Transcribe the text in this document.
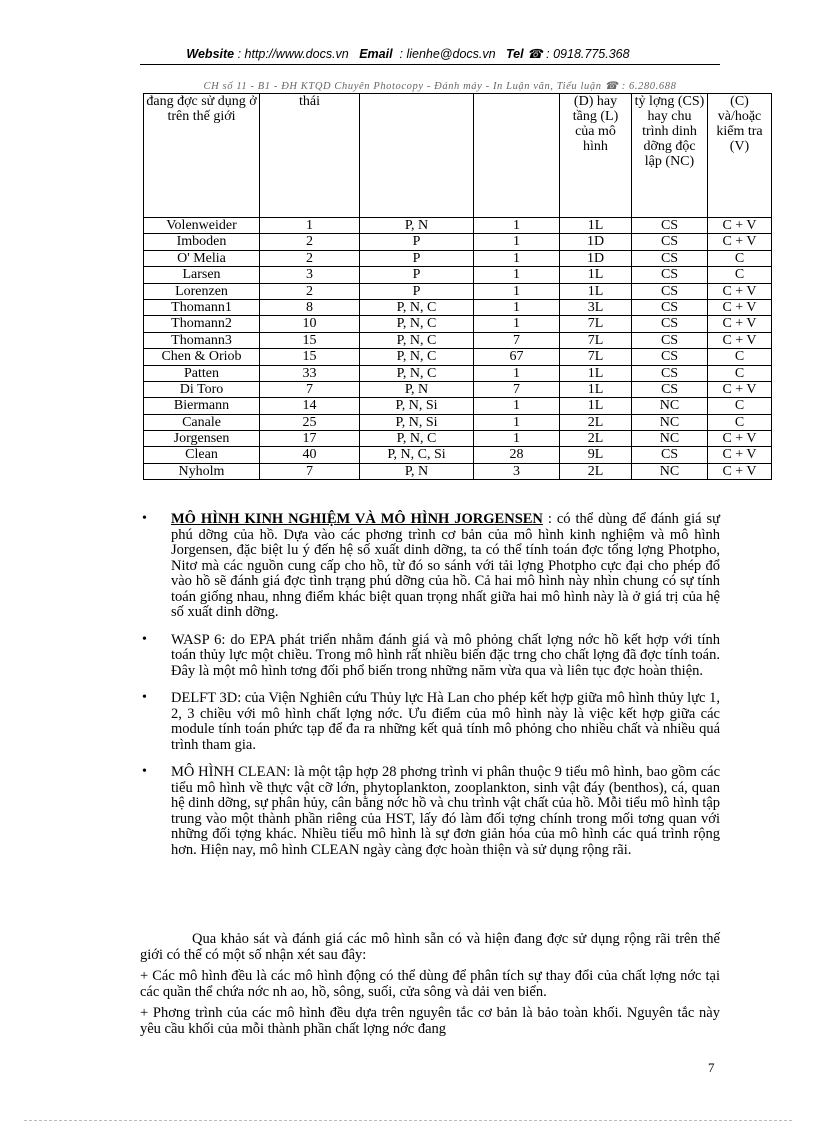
Website : http://www.docs.vn Email : lienhe@docs.vn Tel ☎ : 0918.775.368
CH số 11 - B1 - ĐH KTQD Chuyên Photocopy - Đánh máy - In Luận văn, Tiểu luận ☎ : 6.280.688
đang đợc sử dụng ở trên thế giới	thái			(D) hay tầng (L) của mô hình	tỷ lợng (CS) hay chu trình dinh dỡng độc lập (NC)	(C) và/hoặc kiểm tra (V)
Volenweider	1	P, N	1	1L	CS	C + V
Imboden	2	P	1	1D	CS	C + V
O' Melia	2	P	1	1D	CS	C
Larsen	3	P	1	1L	CS	C
Lorenzen	2	P	1	1L	CS	C + V
Thomann1	8	P, N, C	1	3L	CS	C + V
Thomann2	10	P, N, C	1	7L	CS	C + V
Thomann3	15	P, N, C	7	7L	CS	C + V
Chen & Oriob	15	P, N, C	67	7L	CS	C
Patten	33	P, N, C	1	1L	CS	C
Di Toro	7	P, N	7	1L	CS	C + V
Biermann	14	P, N, Si	1	1L	NC	C
Canale	25	P, N, Si	1	2L	NC	C
Jorgensen	17	P, N, C	1	2L	NC	C + V
Clean	40	P, N, C, Si	28	9L	CS	C + V
Nyholm	7	P, N	3	2L	NC	C + V
• MÔ HÌNH KINH NGHIỆM VÀ MÔ HÌNH JORGENSEN : có thể dùng để đánh giá sự phú dỡng của hồ. Dựa vào các phơng trình cơ bản của mô hình kinh nghiệm và mô hình Jorgensen, đặc biệt lu ý đến hệ số xuất dinh dỡng, ta có thể tính toán đợc tổng lợng Photpho, Nitơ mà các nguồn cung cấp cho hồ, từ đó so sánh với tải lợng Photpho cực đại cho phép đổ vào hồ sẽ đánh giá đợc tình trạng phú dỡng của hồ. Cả hai mô hình này nhìn chung có sự tính toán giống nhau, nhng điểm khác biệt quan trọng nhất giữa hai mô hình này là ở giá trị của hệ số xuất dinh dỡng.
• WASP 6: do EPA phát triển nhằm đánh giá và mô phỏng chất lợng nớc hồ kết hợp với tính toán thủy lực một chiều. Trong mô hình rất nhiều biến đặc trng cho chất lợng đã đợc tính toán. Đây là một mô hình tơng đối phổ biến trong những năm vừa qua và liên tục đợc hoàn thiện.
• DELFT 3D: của Viện Nghiên cứu Thủy lực Hà Lan cho phép kết hợp giữa mô hình thủy lực 1, 2, 3 chiều với mô hình chất lợng nớc. Ưu điểm của mô hình này là việc kết hợp giữa các module tính toán phức tạp để đa ra những kết quả tính mô phỏng cho nhiều chất và nhiều quá trình tham gia.
• MÔ HÌNH CLEAN: là một tập hợp 28 phơng trình vi phân thuộc 9 tiểu mô hình, bao gồm các tiểu mô hình về thực vật cỡ lớn, phytoplankton, zooplankton, sinh vật đáy (benthos), cá, quan hệ dinh dỡng, sự phân hủy, cân bằng nớc hồ và chu trình vật chất của hồ. Mỗi tiểu mô hình tập trung vào một thành phần riêng của HST, lấy đó làm đối tợng chính trong mối tơng quan với những đối tợng khác. Nhiều tiểu mô hình là sự đơn giản hóa của mô hình các quá trình rộng hơn. Hiện nay, mô hình CLEAN ngày càng đợc hoàn thiện và sử dụng rộng rãi.

Qua khảo sát và đánh giá các mô hình sẵn có và hiện đang đợc sử dụng rộng rãi trên thế giới có thể có một số nhận xét sau đây:

+ Các mô hình đều là các mô hình động có thể dùng để phân tích sự thay đổi của chất lợng nớc tại các quần thể chứa nớc nh ao, hồ, sông, suối, cửa sông và dải ven biển.

+ Phơng trình của các mô hình đều dựa trên nguyên tắc cơ bản là bảo toàn khối. Nguyên tắc này yêu cầu khối của mỗi thành phần chất lợng nớc đang

7
